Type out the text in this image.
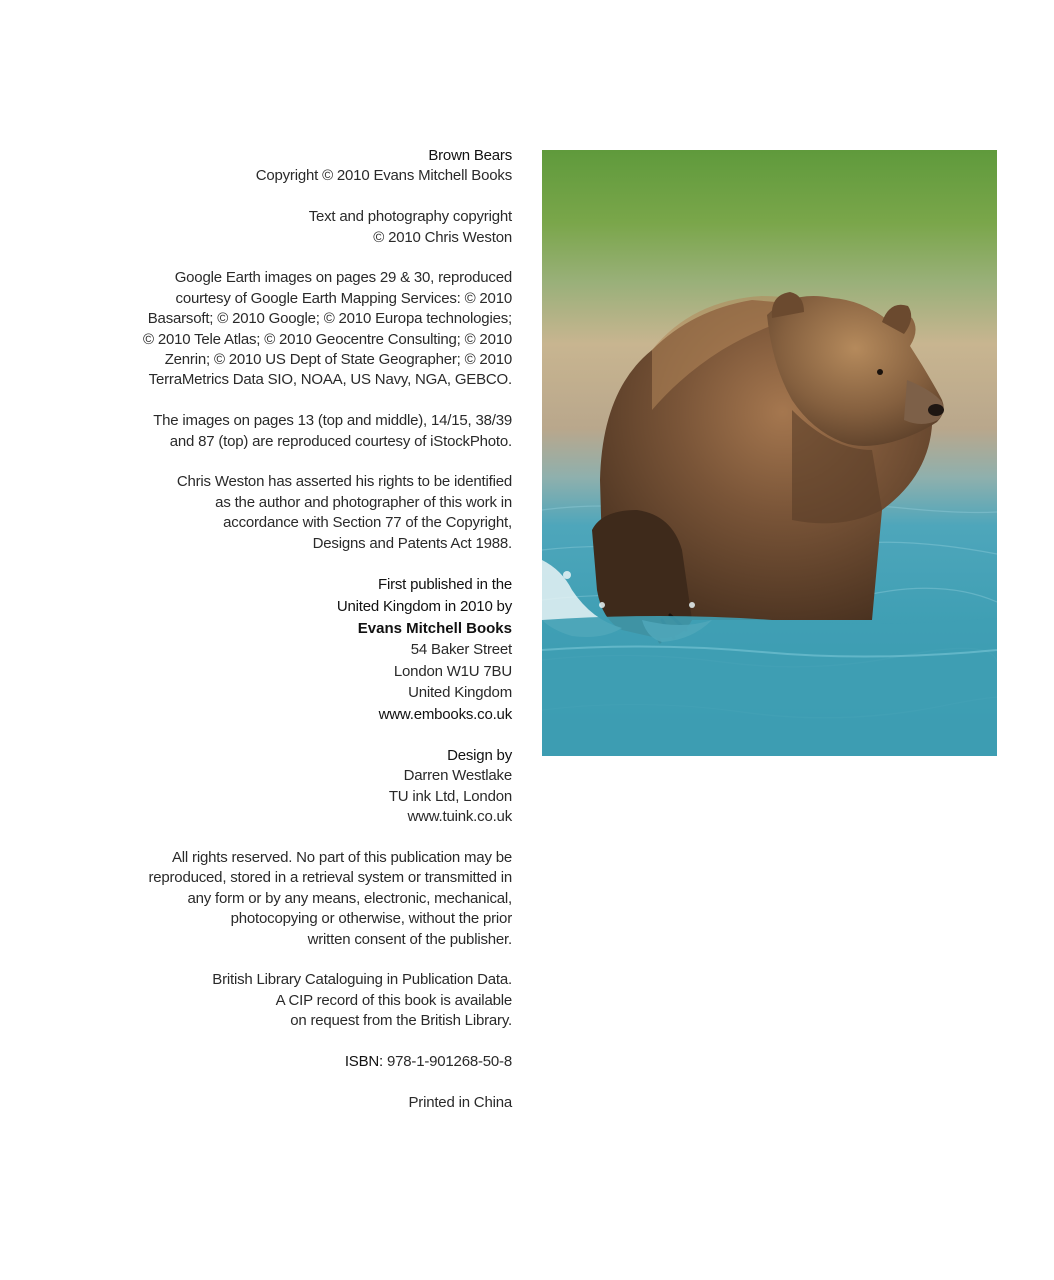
Brown Bears
Copyright © 2010 Evans Mitchell Books
Text and photography copyright
© 2010 Chris Weston
Google Earth images on pages 29 & 30, reproduced
courtesy of Google Earth Mapping Services: © 2010
Basarsoft; © 2010 Google; © 2010 Europa technologies;
© 2010 Tele Atlas; © 2010 Geocentre Consulting; © 2010
Zenrin; © 2010 US Dept of State Geographer; © 2010
TerraMetrics Data SIO, NOAA, US Navy, NGA, GEBCO.
The images on pages 13 (top and middle), 14/15, 38/39
and 87 (top) are reproduced courtesy of iStockPhoto.
Chris Weston has asserted his rights to be identified
as the author and photographer of this work in
accordance with Section 77 of the Copyright,
Designs and Patents Act 1988.
First published in the
United Kingdom in 2010 by
Evans Mitchell Books
54 Baker Street
London W1U 7BU
United Kingdom
www.embooks.co.uk
Design by
Darren Westlake
TU ink Ltd, London
www.tuink.co.uk
All rights reserved. No part of this publication may be
reproduced, stored in a retrieval system or transmitted in
any form or by any means, electronic, mechanical,
photocopying or otherwise, without the prior
written consent of the publisher.
British Library Cataloguing in Publication Data.
A CIP record of this book is available
on request from the British Library.
ISBN: 978-1-901268-50-8
Printed in China
